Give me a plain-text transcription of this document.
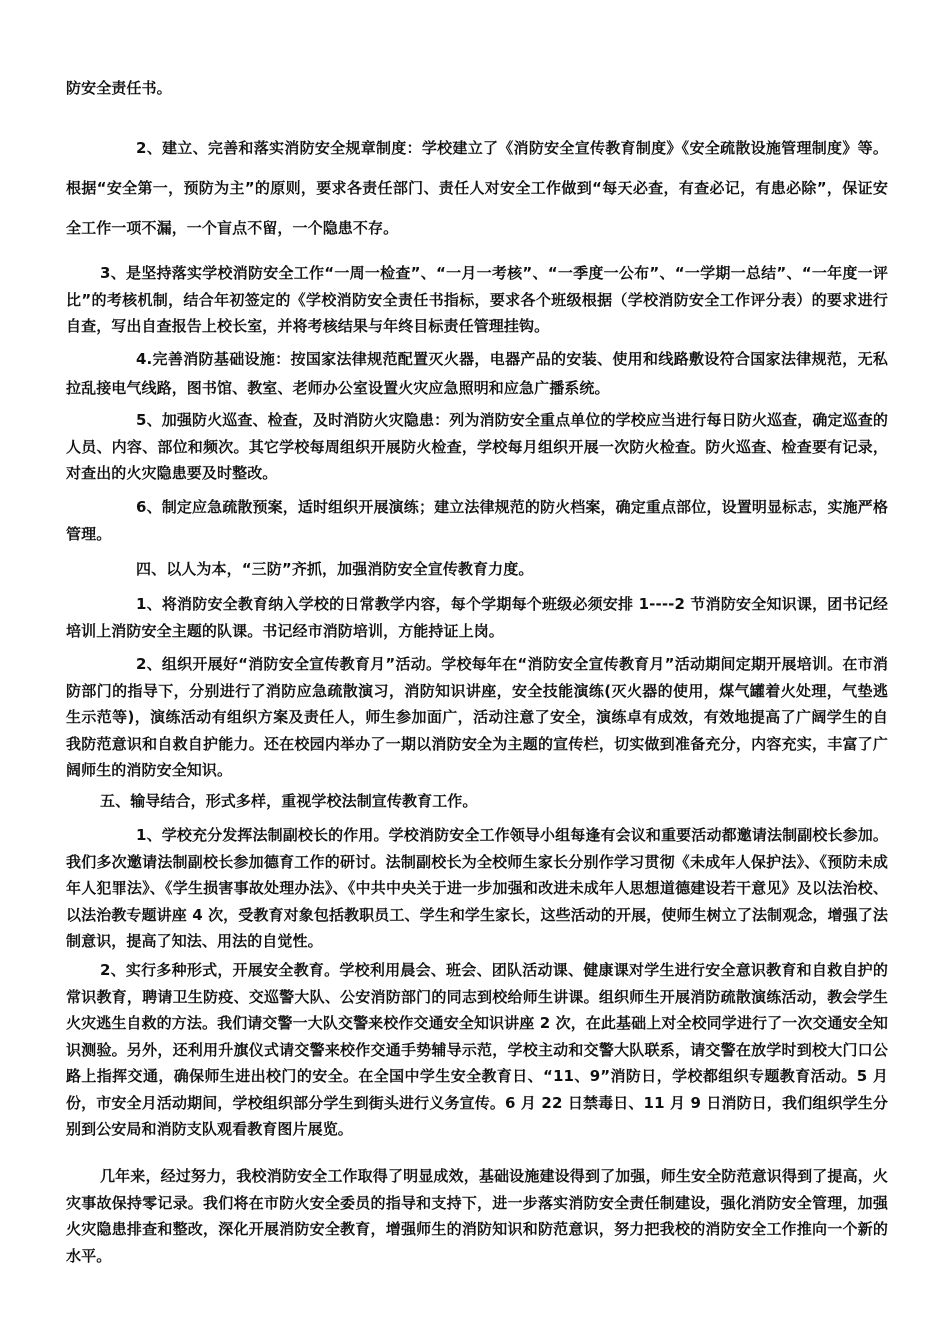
防安全责任书。

2、建立、完善和落实消防安全规章制度：学校建立了《消防安全宣传教育制度》《安全疏散设施管理制度》等。根据“安全第一，预防为主”的原则，要求各责任部门、责任人对安全工作做到“每天必查，有查必记，有患必除”，保证安全工作一项不漏，一个盲点不留，一个隐患不存。

3、是坚持落实学校消防安全工作“一周一检查”、“一月一考核”、“一季度一公布”、“一学期一总结”、“一年度一评比”的考核机制，结合年初签定的《学校消防安全责任书指标，要求各个班级根据（学校消防安全工作评分表）的要求进行自查，写出自查报告上校长室，并将考核结果与年终目标责任管理挂钩。

4.完善消防基础设施：按国家法律规范配置灭火器，电器产品的安装、使用和线路敷设符合国家法律规范，无私拉乱接电气线路，图书馆、教室、老师办公室设置火灾应急照明和应急广播系统。

5、加强防火巡查、检查，及时消防火灾隐患：列为消防安全重点单位的学校应当进行每日防火巡查，确定巡查的人员、内容、部位和频次。其它学校每周组织开展防火检查，学校每月组织开展一次防火检查。防火巡查、检查要有记录，对查出的火灾隐患要及时整改。

6、制定应急疏散预案，适时组织开展演练；建立法律规范的防火档案，确定重点部位，设置明显标志，实施严格管理。

四、以人为本，“三防”齐抓，加强消防安全宣传教育力度。

1、将消防安全教育纳入学校的日常教学内容，每个学期每个班级必须安排 1----2 节消防安全知识课，团书记经培训上消防安全主题的队课。书记经市消防培训，方能持证上岗。

2、组织开展好“消防安全宣传教育月”活动。学校每年在“消防安全宣传教育月”活动期间定期开展培训。在市消防部门的指导下，分别进行了消防应急疏散演习，消防知识讲座，安全技能演练(灭火器的使用，煤气罐着火处理，气垫逃生示范等)，演练活动有组织方案及责任人，师生参加面广，活动注意了安全，演练卓有成效，有效地提高了广阔学生的自我防范意识和自救自护能力。还在校园内举办了一期以消防安全为主题的宣传栏，切实做到准备充分，内容充实，丰富了广阔师生的消防安全知识。

五、输导结合，形式多样，重视学校法制宣传教育工作。

1、学校充分发挥法制副校长的作用。学校消防安全工作领导小组每逢有会议和重要活动都邀请法制副校长参加。我们多次邀请法制副校长参加德育工作的研讨。法制副校长为全校师生家长分别作学习贯彻《未成年人保护法》、《预防未成年人犯罪法》、《学生损害事故处理办法》、《中共中央关于进一步加强和改进未成年人思想道德建设若干意见》及以法治校、以法治教专题讲座 4 次，受教育对象包括教职员工、学生和学生家长，这些活动的开展，使师生树立了法制观念，增强了法制意识，提高了知法、用法的自觉性。

2、实行多种形式，开展安全教育。学校利用晨会、班会、团队活动课、健康课对学生进行安全意识教育和自救自护的常识教育，聘请卫生防疫、交巡警大队、公安消防部门的同志到校给师生讲课。组织师生开展消防疏散演练活动，教会学生火灾逃生自救的方法。我们请交警一大队交警来校作交通安全知识讲座 2 次，在此基础上对全校同学进行了一次交通安全知识测验。另外，还利用升旗仪式请交警来校作交通手势辅导示范，学校主动和交警大队联系，请交警在放学时到校大门口公路上指挥交通，确保师生进出校门的安全。在全国中学生安全教育日、“11、9”消防日，学校都组织专题教育活动。5 月份，市安全月活动期间，学校组织部分学生到街头进行义务宣传。6 月 22 日禁毒日、11 月 9 日消防日，我们组织学生分别到公安局和消防支队观看教育图片展览。

几年来，经过努力，我校消防安全工作取得了明显成效，基础设施建设得到了加强，师生安全防范意识得到了提高，火灾事故保持零记录。我们将在市防火安全委员的指导和支持下，进一步落实消防安全责任制建设，强化消防安全管理，加强火灾隐患排查和整改，深化开展消防安全教育，增强师生的消防知识和防范意识，努力把我校的消防安全工作推向一个新的水平。
